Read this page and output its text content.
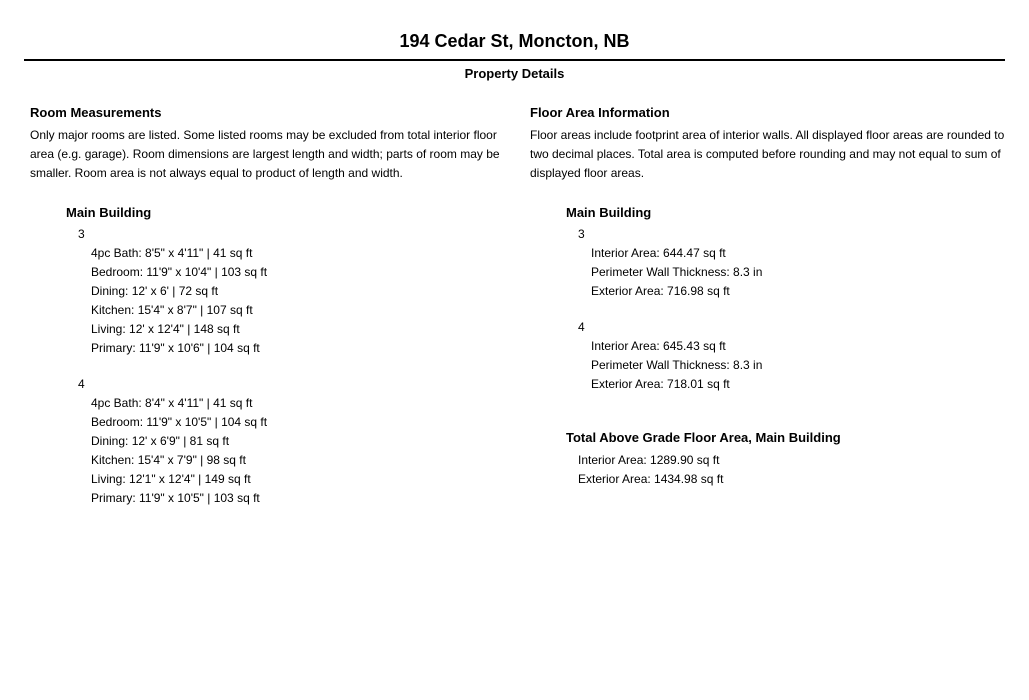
194 Cedar St, Moncton, NB
Property Details
Room Measurements

Only major rooms are listed. Some listed rooms may be excluded from total interior floor area (e.g. garage). Room dimensions are largest length and width; parts of room may be smaller. Room area is not always equal to product of length and width.

Main Building
3
4pc Bath: 8'5" x 4'11" | 41 sq ft
Bedroom: 11'9" x 10'4" | 103 sq ft
Dining: 12' x 6' | 72 sq ft
Kitchen: 15'4" x 8'7" | 107 sq ft
Living: 12' x 12'4" | 148 sq ft
Primary: 11'9" x 10'6" | 104 sq ft
4
4pc Bath: 8'4" x 4'11" | 41 sq ft
Bedroom: 11'9" x 10'5" | 104 sq ft
Dining: 12' x 6'9" | 81 sq ft
Kitchen: 15'4" x 7'9" | 98 sq ft
Living: 12'1" x 12'4" | 149 sq ft
Primary: 11'9" x 10'5" | 103 sq ft
Floor Area Information

Floor areas include footprint area of interior walls. All displayed floor areas are rounded to two decimal places. Total area is computed before rounding and may not equal to sum of displayed floor areas.

Main Building
3
Interior Area: 644.47 sq ft
Perimeter Wall Thickness: 8.3 in
Exterior Area: 716.98 sq ft
4
Interior Area: 645.43 sq ft
Perimeter Wall Thickness: 8.3 in
Exterior Area: 718.01 sq ft
Total Above Grade Floor Area, Main Building
Interior Area: 1289.90 sq ft
Exterior Area: 1434.98 sq ft
